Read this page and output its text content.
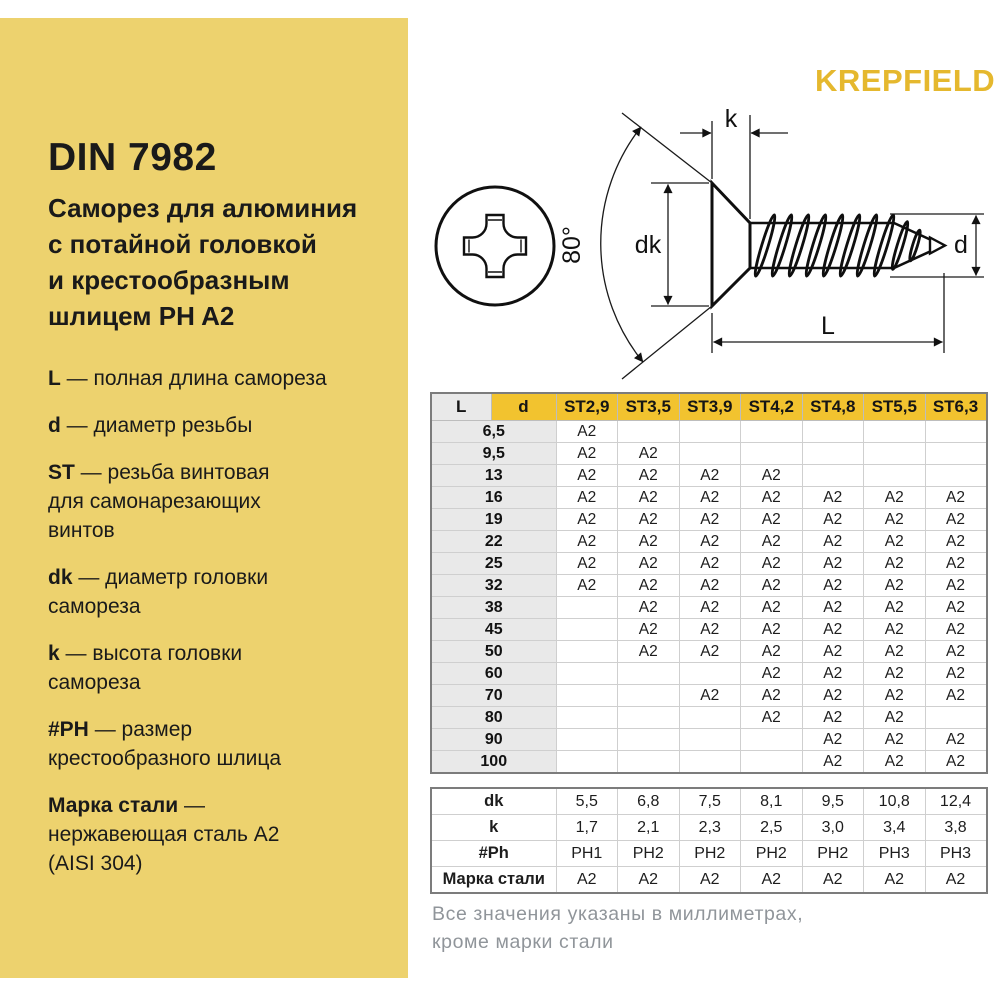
DIN 7982
Саморез для алюминия
с потайной головкой
и крестообразным
шлицем PH A2
L — полная длина самореза
d — диаметр резьбы
ST — резьба винтовая
для самонарезающих
винтов
dk — диаметр головки
самореза
k — высота головки
самореза
#PH — размер
крестообразного шлица
Марка стали —
нержавеющая сталь А2
(AISI 304)
KREPFIELD
k
dk
80°
L
d
L	d	ST2,9	ST3,5	ST3,9	ST4,2	ST4,8	ST5,5	ST6,3
6,5		A2						
9,5		A2	A2					
13		A2	A2	A2	A2			
16		A2	A2	A2	A2	A2	A2	A2
19		A2	A2	A2	A2	A2	A2	A2
22		A2	A2	A2	A2	A2	A2	A2
25		A2	A2	A2	A2	A2	A2	A2
32		A2	A2	A2	A2	A2	A2	A2
38			A2	A2	A2	A2	A2	A2
45			A2	A2	A2	A2	A2	A2
50			A2	A2	A2	A2	A2	A2
60					A2	A2	A2	A2
70				A2	A2	A2	A2	A2
80					A2	A2	A2	
90						A2	A2	A2
100						A2	A2	A2
dk	5,5	6,8	7,5	8,1	9,5	10,8	12,4
k	1,7	2,1	2,3	2,5	3,0	3,4	3,8
#Ph	PH1	PH2	PH2	PH2	PH2	PH3	PH3
Марка стали	A2	A2	A2	A2	A2	A2	A2
Все значения указаны в миллиметрах,
кроме марки стали
